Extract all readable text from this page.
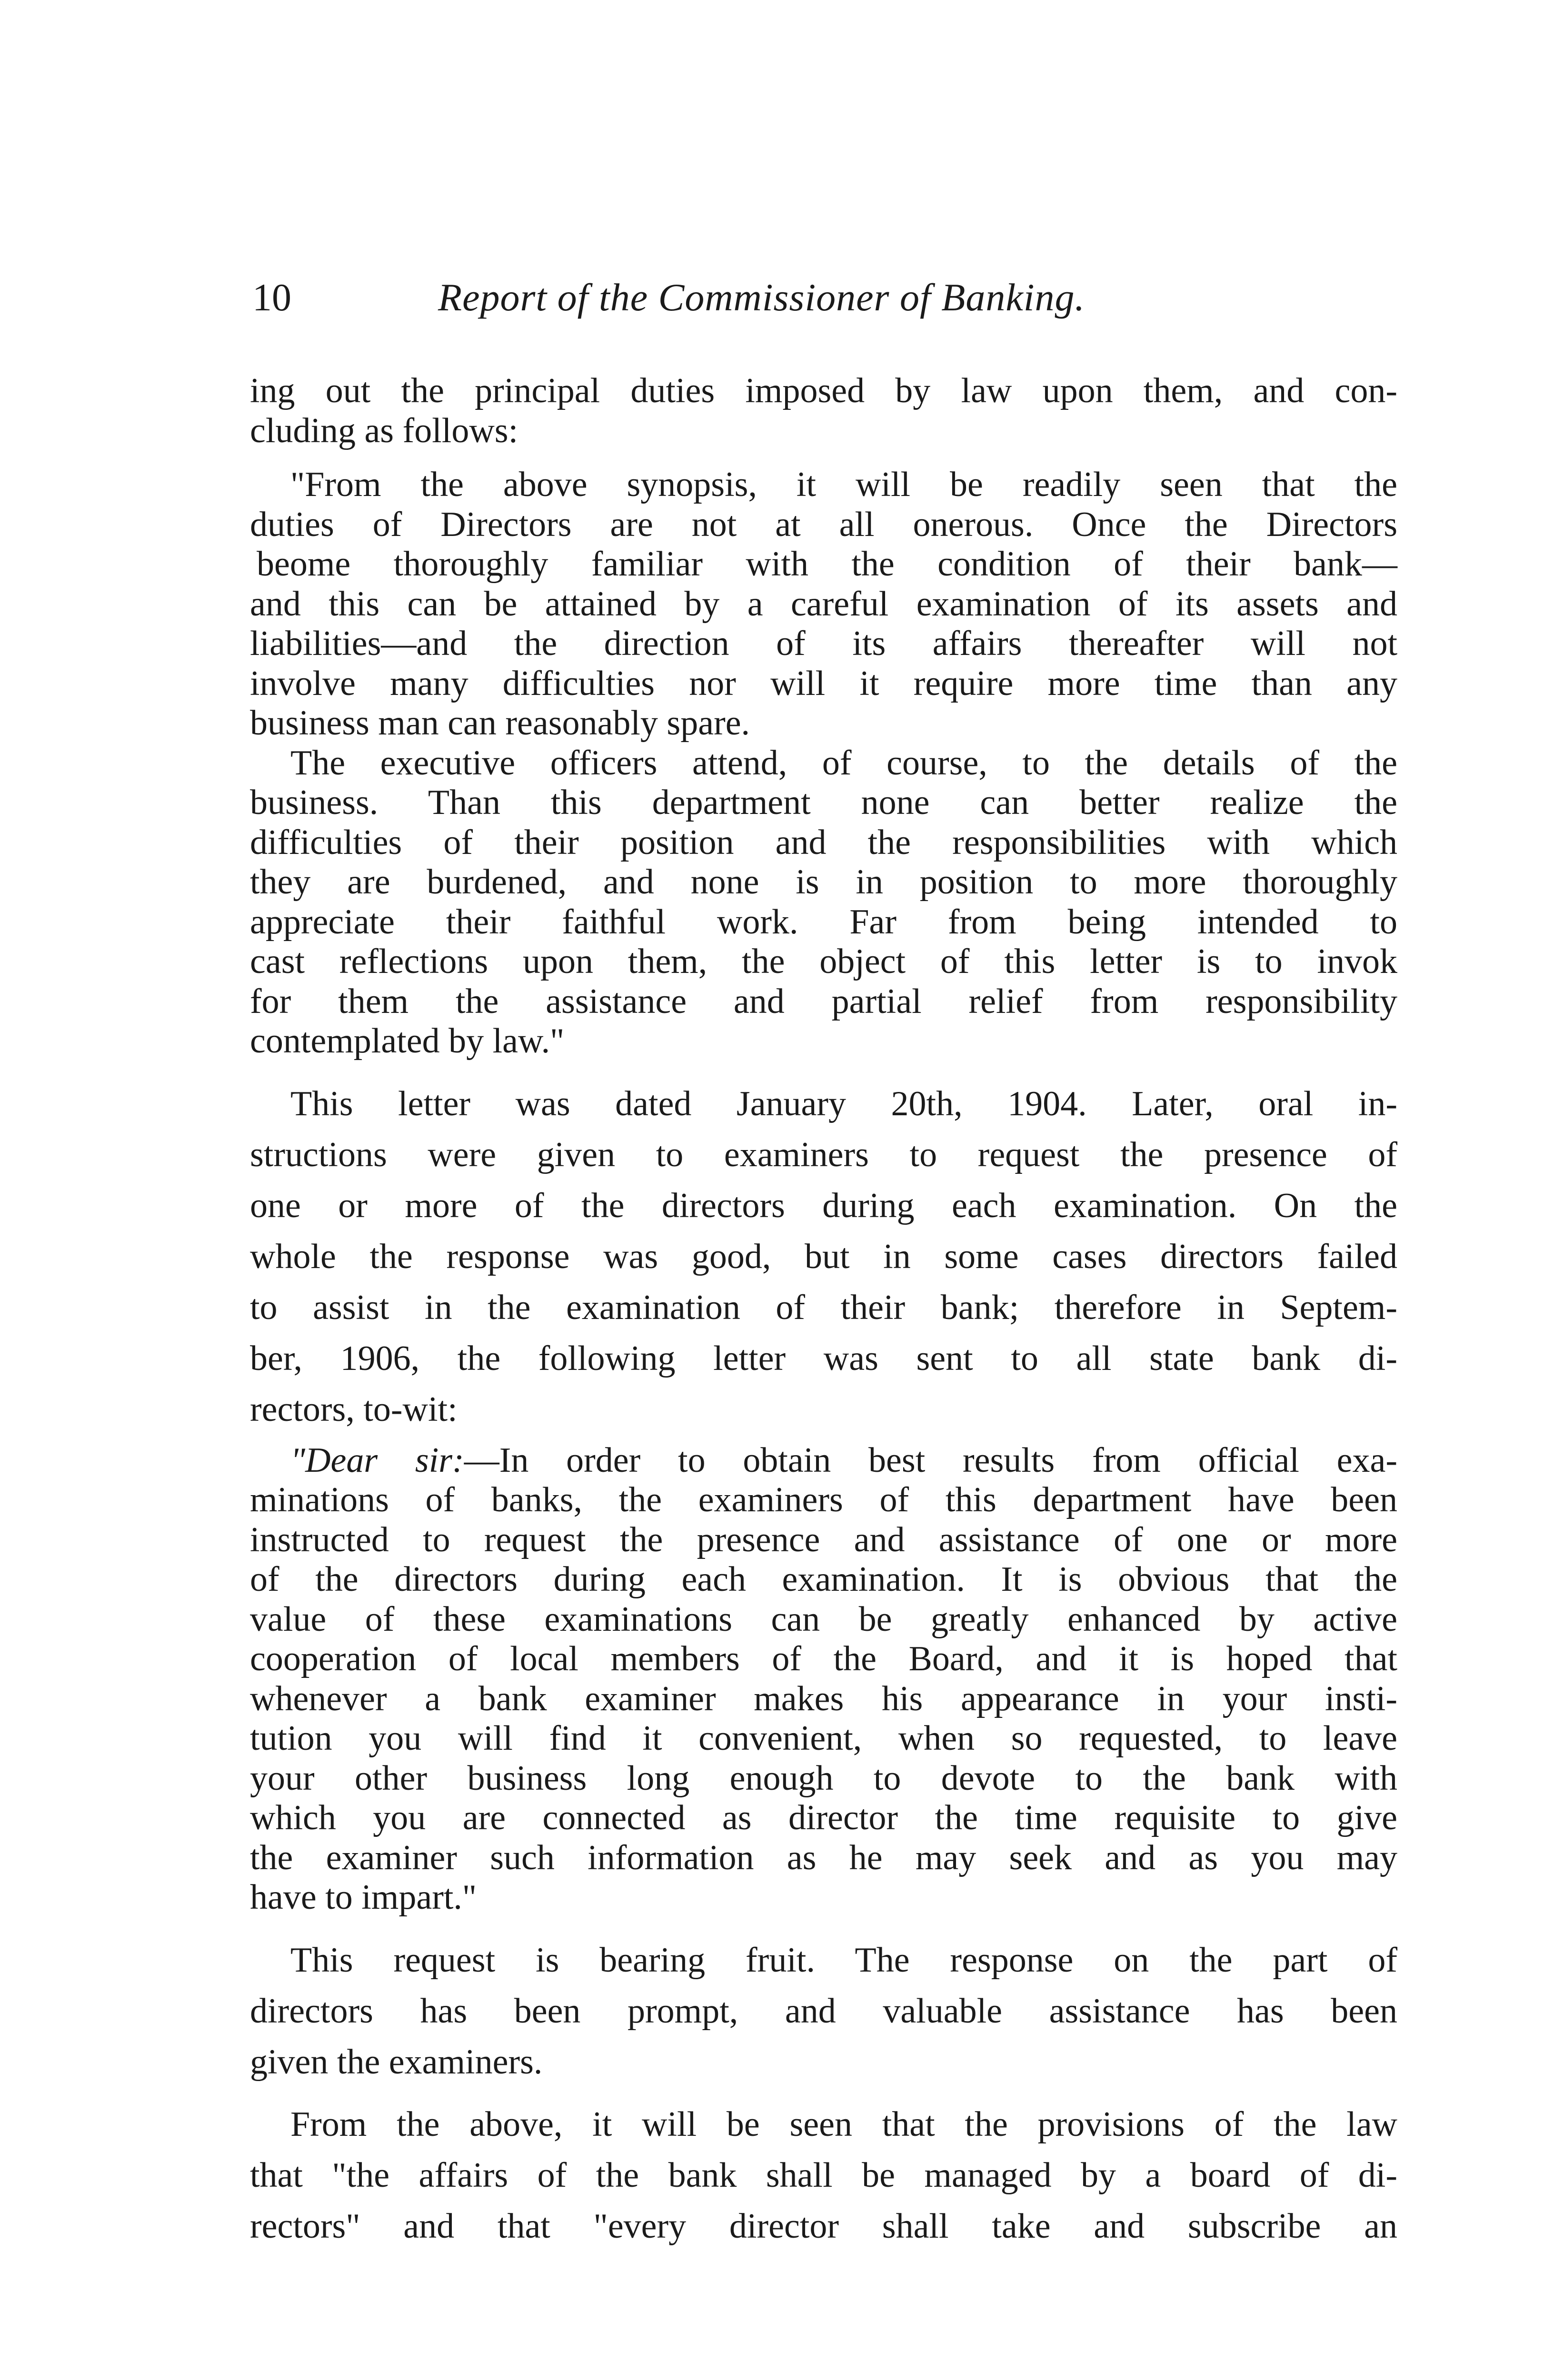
10	Report of the Commissioner of Banking.
ing out the principal duties imposed by law upon them, and con-
cluding as follows:
"From the above synopsis, it will be readily seen that the
duties of Directors are not at all onerous. Once the Directors
beome thoroughly familiar with the condition of their bank—
and this can be attained by a careful examination of its assets and
liabilities—and the direction of its affairs thereafter will not
involve many difficulties nor will it require more time than any
business man can reasonably spare.
The executive officers attend, of course, to the details of the
business. Than this department none can better realize the
difficulties of their position and the responsibilities with which
they are burdened, and none is in position to more thoroughly
appreciate their faithful work. Far from being intended to
cast reflections upon them, the object of this letter is to invok
for them the assistance and partial relief from responsibility
contemplated by law."
This letter was dated January 20th, 1904. Later, oral in-
structions were given to examiners to request the presence of
one or more of the directors during each examination. On the
whole the response was good, but in some cases directors failed
to assist in the examination of their bank; therefore in Septem-
ber, 1906, the following letter was sent to all state bank di-
rectors, to-wit:
"Dear sir:—In order to obtain best results from official exa-
minations of banks, the examiners of this department have been
instructed to request the presence and assistance of one or more
of the directors during each examination. It is obvious that the
value of these examinations can be greatly enhanced by active
cooperation of local members of the Board, and it is hoped that
whenever a bank examiner makes his appearance in your insti-
tution you will find it convenient, when so requested, to leave
your other business long enough to devote to the bank with
which you are connected as director the time requisite to give
the examiner such information as he may seek and as you may
have to impart."
This request is bearing fruit. The response on the part of
directors has been prompt, and valuable assistance has been
given the examiners.
From the above, it will be seen that the provisions of the law
that "the affairs of the bank shall be managed by a board of di-
rectors" and that "every director shall take and subscribe an
